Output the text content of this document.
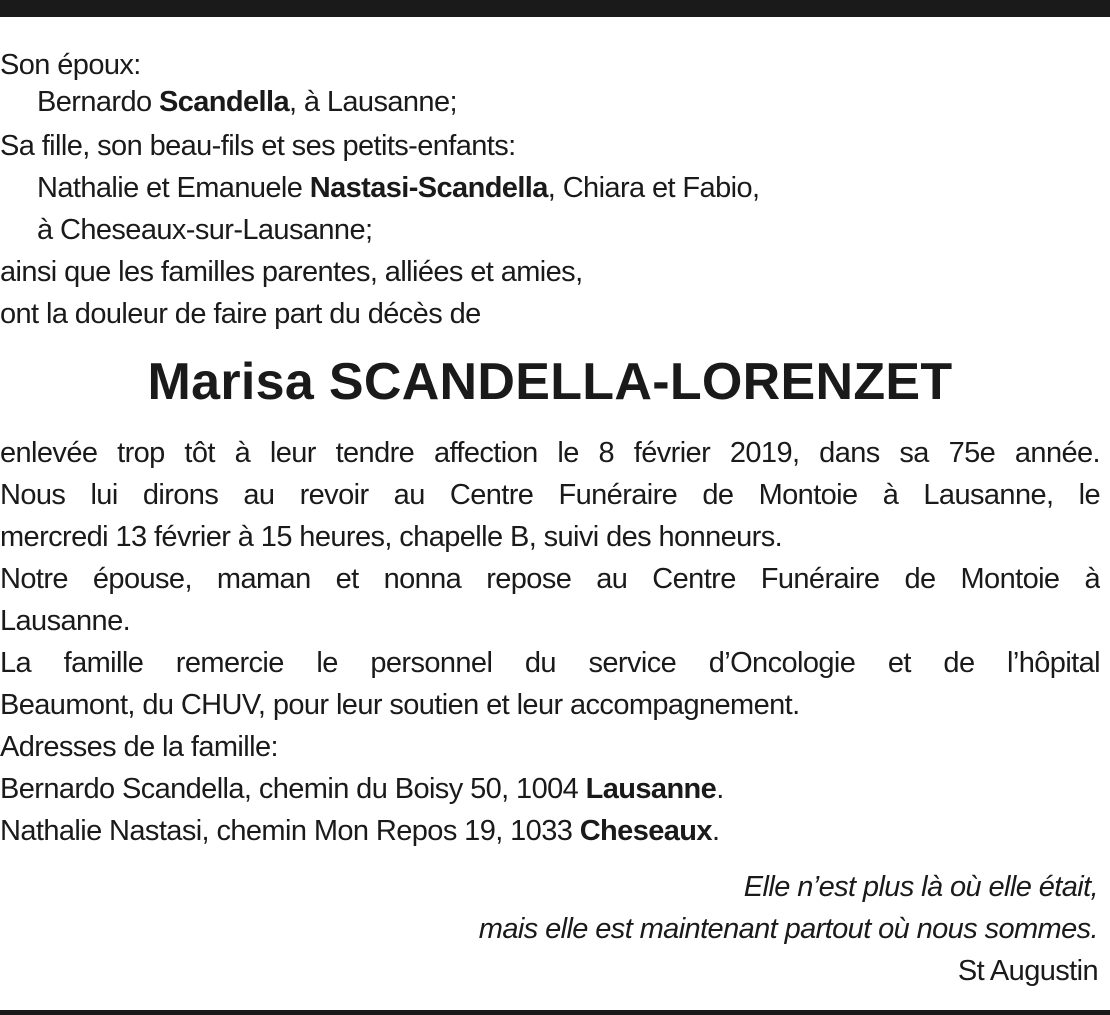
Son époux:
Bernardo Scandella, à Lausanne;
Sa fille, son beau-fils et ses petits-enfants:
Nathalie et Emanuele Nastasi-Scandella, Chiara et Fabio,
à Cheseaux-sur-Lausanne;
ainsi que les familles parentes, alliées et amies,
ont la douleur de faire part du décès de
Marisa SCANDELLA-LORENZET
enlevée trop tôt à leur tendre affection le 8 février 2019, dans sa 75e année.
Nous lui dirons au revoir au Centre Funéraire de Montoie à Lausanne, le
mercredi 13 février à 15 heures, chapelle B, suivi des honneurs.
Notre épouse, maman et nonna repose au Centre Funéraire de Montoie à
Lausanne.
La famille remercie le personnel du service d’Oncologie et de l’hôpital
Beaumont, du CHUV, pour leur soutien et leur accompagnement.
Adresses de la famille:
Bernardo Scandella, chemin du Boisy 50, 1004 Lausanne.
Nathalie Nastasi, chemin Mon Repos 19, 1033 Cheseaux.
Elle n’est plus là où elle était,
mais elle est maintenant partout où nous sommes.
St Augustin
